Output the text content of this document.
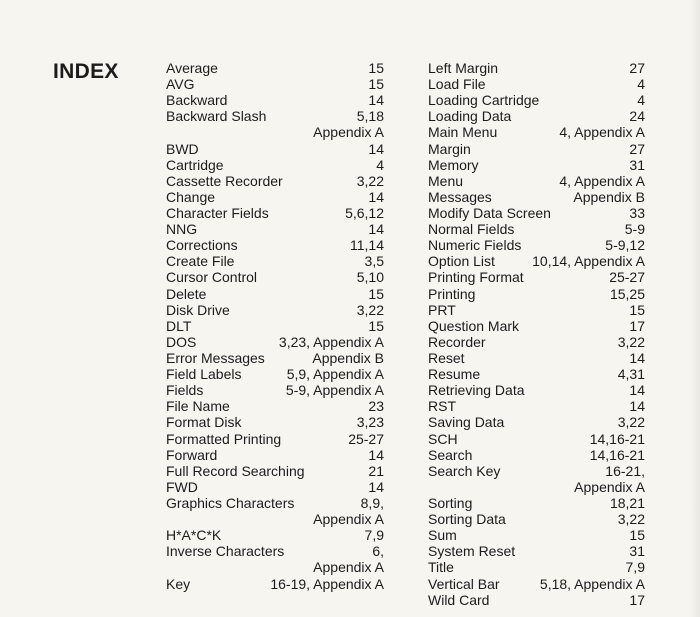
INDEX	Average	15
AVG	15
Backward	14
Backward Slash	5,18
Appendix A
BWD	14
Cartridge	4
Cassette Recorder	3,22
Change	14
Character Fields	5,6,12
NNG	14
Corrections	11,14
Create File	3,5
Cursor Control	5,10
Delete	15
Disk Drive	3,22
DLT	15
DOS	3,23, Appendix A
Error Messages	Appendix B
Field Labels	5,9, Appendix A
Fields	5-9, Appendix A
File Name	23
Format Disk	3,23
Formatted Printing	25-27
Forward	14
Full Record Searching	21
FWD	14
Graphics Characters	8,9,
Appendix A
H*A*C*K	7,9
Inverse Characters	6,
Appendix A
Key	16-19, Appendix A
Left Margin	27
Load File	4
Loading Cartridge	4
Loading Data	24
Main Menu	4, Appendix A
Margin	27
Memory	31
Menu	4, Appendix A
Messages	Appendix B
Modify Data Screen	33
Normal Fields	5-9
Numeric Fields	5-9,12
Option List	10,14, Appendix A
Printing Format	25-27
Printing	15,25
PRT	15
Question Mark	17
Recorder	3,22
Reset	14
Resume	4,31
Retrieving Data	14
RST	14
Saving Data	3,22
SCH	14,16-21
Search	14,16-21
Search Key	16-21,
Appendix A
Sorting	18,21
Sorting Data	3,22
Sum	15
System Reset	31
Title	7,9
Vertical Bar	5,18, Appendix A
Wild Card	17
